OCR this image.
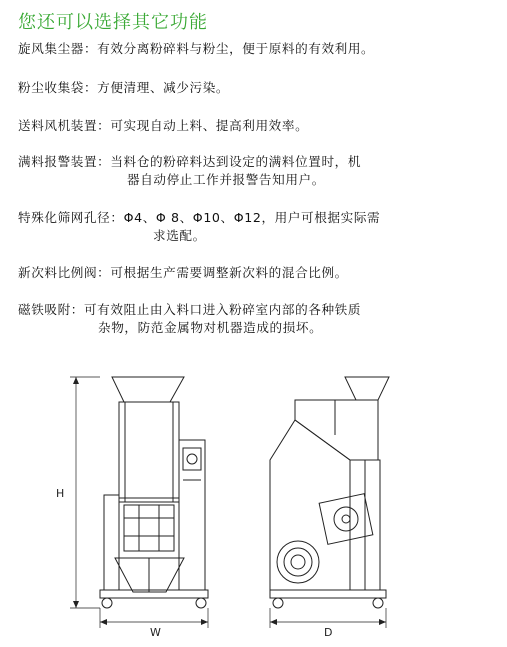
您还可以选择其它功能
旋风集尘器：有效分离粉碎料与粉尘，便于原料的有效利用。
粉尘收集袋：方便清理、减少污染。
送料风机装置：可实现自动上料、提高利用效率。
满料报警装置：当料仓的粉碎料达到设定的满料位置时，机
器自动停止工作并报警告知用户。
特殊化筛网孔径：Φ4、Φ 8、Φ10、Φ12，用户可根据实际需
求选配。
新次料比例阀：可根据生产需要调整新次料的混合比例。
磁铁吸附：可有效阻止由入料口进入粉碎室内部的各种铁质
杂物，防范金属物对机器造成的损坏。
H
W	D
